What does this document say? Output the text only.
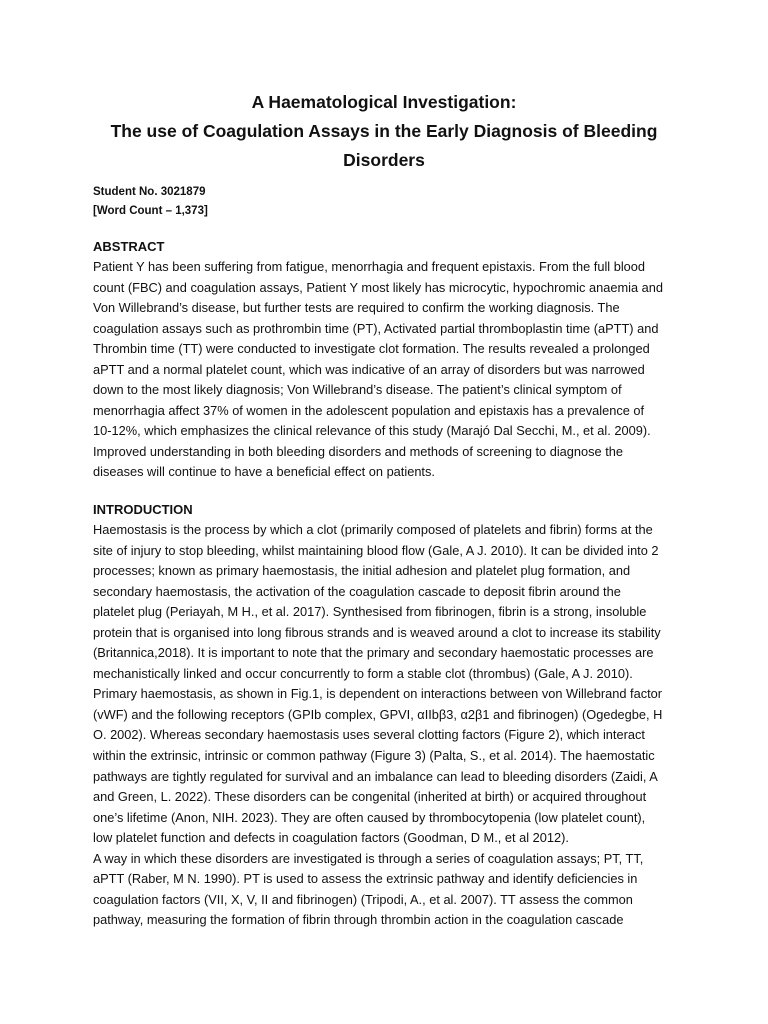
A Haematological Investigation:
The use of Coagulation Assays in the Early Diagnosis of Bleeding
Disorders
Student No. 3021879
[Word Count – 1,373]
ABSTRACT
Patient Y has been suffering from fatigue, menorrhagia and frequent epistaxis. From the full blood
count (FBC) and coagulation assays, Patient Y most likely has microcytic, hypochromic anaemia and
Von Willebrand’s disease, but further tests are required to confirm the working diagnosis. The
coagulation assays such as prothrombin time (PT), Activated partial thromboplastin time (aPTT) and
Thrombin time (TT) were conducted to investigate clot formation. The results revealed a prolonged
aPTT and a normal platelet count, which was indicative of an array of disorders but was narrowed
down to the most likely diagnosis; Von Willebrand’s disease. The patient’s clinical symptom of
menorrhagia affect 37% of women in the adolescent population and epistaxis has a prevalence of
10-12%, which emphasizes the clinical relevance of this study (Marajó Dal Secchi, M., et al. 2009).
Improved understanding in both bleeding disorders and methods of screening to diagnose the
diseases will continue to have a beneficial effect on patients.
INTRODUCTION
Haemostasis is the process by which a clot (primarily composed of platelets and fibrin) forms at the
site of injury to stop bleeding, whilst maintaining blood flow (Gale, A J. 2010). It can be divided into 2
processes; known as primary haemostasis, the initial adhesion and platelet plug formation, and
secondary haemostasis, the activation of the coagulation cascade to deposit fibrin around the
platelet plug (Periayah, M H., et al. 2017). Synthesised from fibrinogen, fibrin is a strong, insoluble
protein that is organised into long fibrous strands and is weaved around a clot to increase its stability
(Britannica,2018). It is important to note that the primary and secondary haemostatic processes are
mechanistically linked and occur concurrently to form a stable clot (thrombus) (Gale, A J. 2010).
Primary haemostasis, as shown in Fig.1, is dependent on interactions between von Willebrand factor
(vWF) and the following receptors (GPIb complex, GPVI, αIIbβ3, α2β1 and fibrinogen) (Ogedegbe, H
O. 2002). Whereas secondary haemostasis uses several clotting factors (Figure 2), which interact
within the extrinsic, intrinsic or common pathway (Figure 3) (Palta, S., et al. 2014). The haemostatic
pathways are tightly regulated for survival and an imbalance can lead to bleeding disorders (Zaidi, A
and Green, L. 2022). These disorders can be congenital (inherited at birth) or acquired throughout
one’s lifetime (Anon, NIH. 2023). They are often caused by thrombocytopenia (low platelet count),
low platelet function and defects in coagulation factors (Goodman, D M., et al 2012).
A way in which these disorders are investigated is through a series of coagulation assays; PT, TT,
aPTT (Raber, M N. 1990). PT is used to assess the extrinsic pathway and identify deficiencies in
coagulation factors (VII, X, V, II and fibrinogen) (Tripodi, A., et al. 2007). TT assess the common
pathway, measuring the formation of fibrin through thrombin action in the coagulation cascade
